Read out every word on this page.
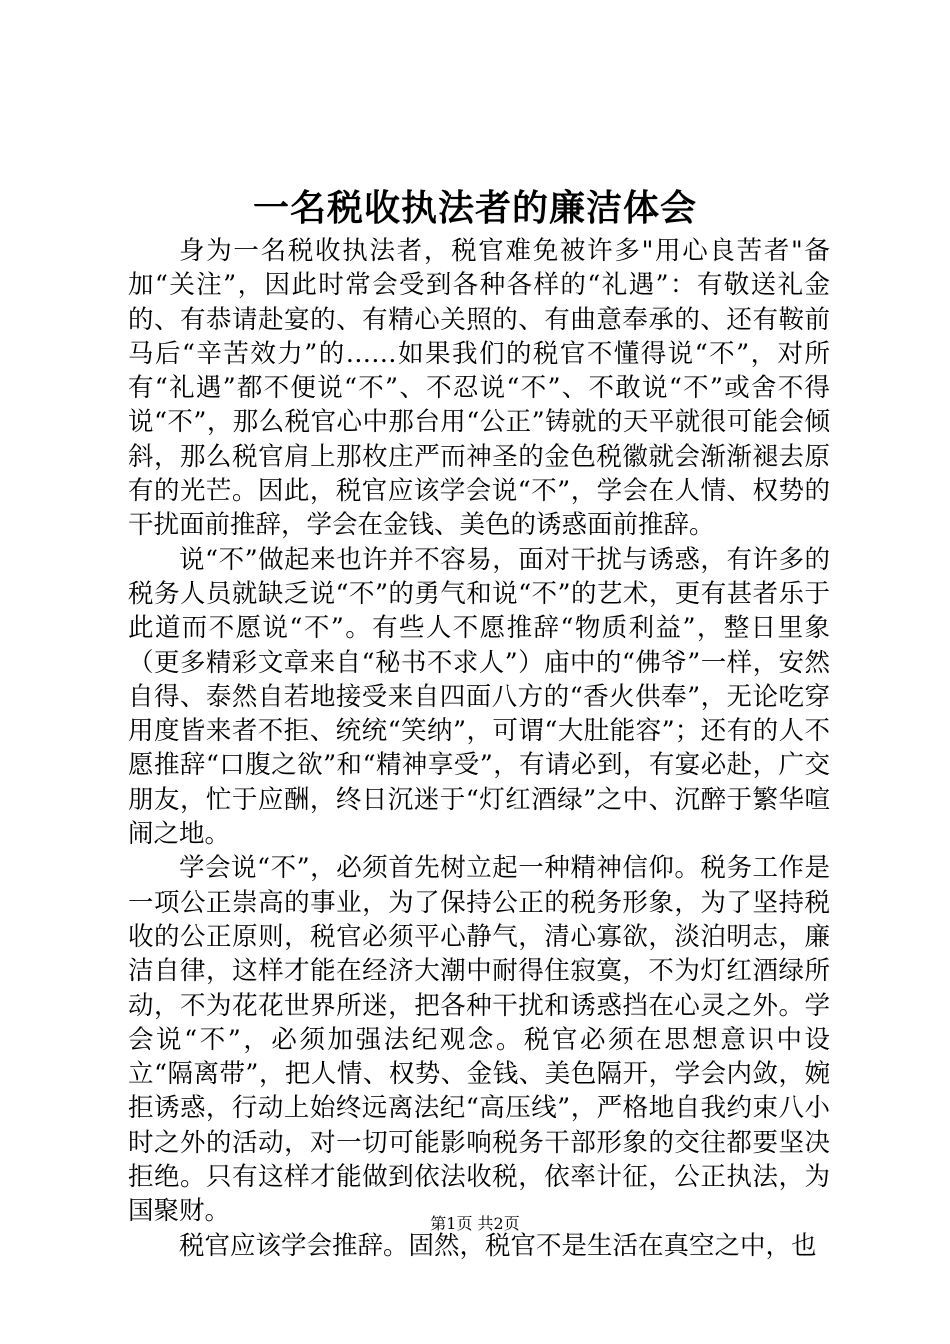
一名税收执法者的廉洁体会

身为一名税收执法者，税官难免被许多"用心良苦者"备加“关注”，因此时常会受到各种各样的“礼遇”：有敬送礼金的、有恭请赴宴的、有精心关照的、有曲意奉承的、还有鞍前马后“辛苦效力”的……如果我们的税官不懂得说“不”，对所有“礼遇”都不便说“不”、不忍说“不”、不敢说“不”或舍不得说“不”，那么税官心中那台用“公正”铸就的天平就很可能会倾斜，那么税官肩上那枚庄严而神圣的金色税徽就会渐渐褪去原有的光芒。因此，税官应该学会说“不”，学会在人情、权势的干扰面前推辞，学会在金钱、美色的诱惑面前推辞。

说“不”做起来也许并不容易，面对干扰与诱惑，有许多的税务人员就缺乏说“不”的勇气和说“不”的艺术，更有甚者乐于此道而不愿说“不”。有些人不愿推辞“物质利益”，整日里象（更多精彩文章来自“秘书不求人”）庙中的“佛爷”一样，安然自得、泰然自若地接受来自四面八方的“香火供奉”，无论吃穿用度皆来者不拒、统统“笑纳”，可谓“大肚能容”；还有的人不愿推辞“口腹之欲”和“精神享受”，有请必到，有宴必赴，广交朋友，忙于应酬，终日沉迷于“灯红酒绿”之中、沉醉于繁华喧闹之地。

学会说“不”，必须首先树立起一种精神信仰。税务工作是一项公正崇高的事业，为了保持公正的税务形象，为了坚持税收的公正原则，税官必须平心静气，清心寡欲，淡泊明志，廉洁自律，这样才能在经济大潮中耐得住寂寞，不为灯红酒绿所动，不为花花世界所迷，把各种干扰和诱惑挡在心灵之外。学会说“不”，必须加强法纪观念。税官必须在思想意识中设立“隔离带”，把人情、权势、金钱、美色隔开，学会内敛，婉拒诱惑，行动上始终远离法纪“高压线”，严格地自我约束八小时之外的活动，对一切可能影响税务干部形象的交往都要坚决拒绝。只有这样才能做到依法收税，依率计征，公正执法，为国聚财。

税官应该学会推辞。固然，税官不是生活在真空之中，也

第1页 共2页
